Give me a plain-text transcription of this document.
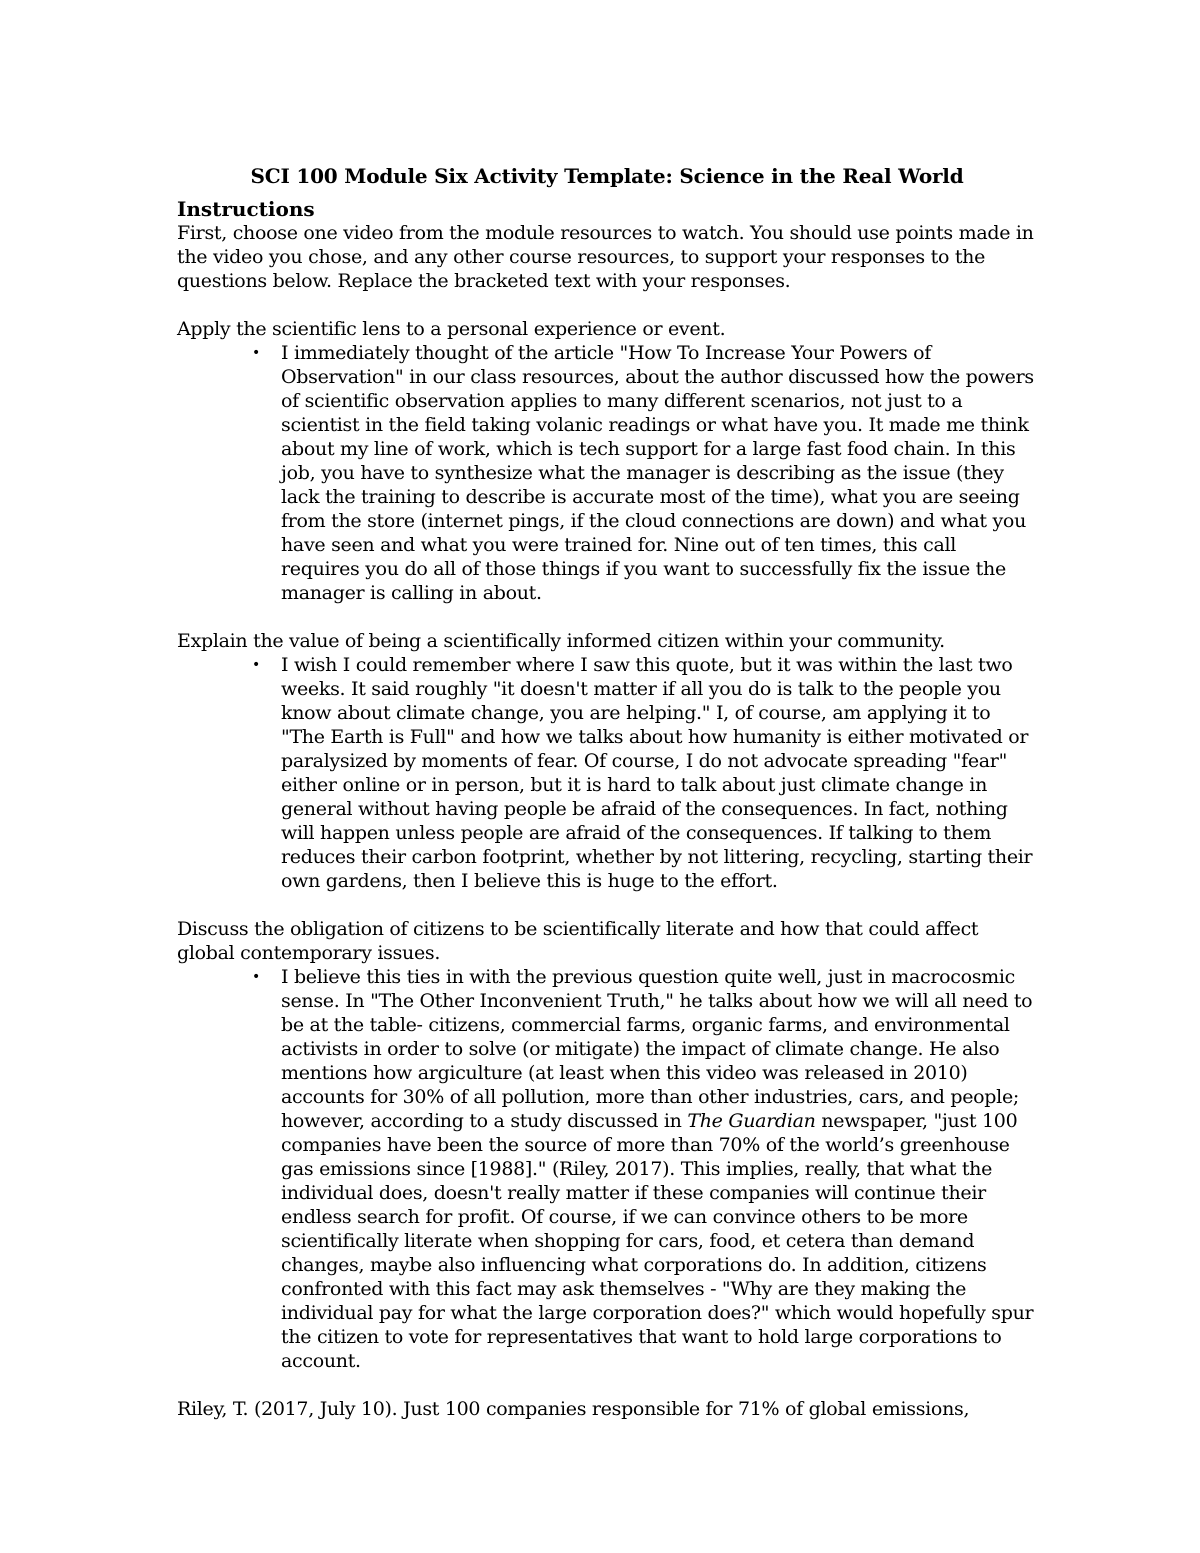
SCI 100 Module Six Activity Template: Science in the Real World
Instructions

First, choose one video from the module resources to watch. You should use points made in the video you chose, and any other course resources, to support your responses to the questions below. Replace the bracketed text with your responses.

Apply the scientific lens to a personal experience or event.

• I immediately thought of the article "How To Increase Your Powers of Observation" in our class resources, about the author discussed how the powers of scientific observation applies to many different scenarios, not just to a scientist in the field taking volanic readings or what have you. It made me think about my line of work, which is tech support for a large fast food chain. In this job, you have to synthesize what the manager is describing as the issue (they lack the training to describe is accurate most of the time), what you are seeing from the store (internet pings, if the cloud connections are down) and what you have seen and what you were trained for. Nine out of ten times, this call requires you do all of those things if you want to successfully fix the issue the manager is calling in about.

Explain the value of being a scientifically informed citizen within your community.

• I wish I could remember where I saw this quote, but it was within the last two weeks. It said roughly "it doesn't matter if all you do is talk to the people you know about climate change, you are helping." I, of course, am applying it to "The Earth is Full" and how we talks about how humanity is either motivated or paralysized by moments of fear. Of course, I do not advocate spreading "fear" either online or in person, but it is hard to talk about just climate change in general without having people be afraid of the consequences. In fact, nothing will happen unless people are afraid of the consequences. If talking to them reduces their carbon footprint, whether by not littering, recycling, starting their own gardens, then I believe this is huge to the effort.

Discuss the obligation of citizens to be scientifically literate and how that could affect global contemporary issues.

• I believe this ties in with the previous question quite well, just in macrocosmic sense. In "The Other Inconvenient Truth," he talks about how we will all need to be at the table- citizens, commercial farms, organic farms, and environmental activists in order to solve (or mitigate) the impact of climate change. He also mentions how argiculture (at least when this video was released in 2010) accounts for 30% of all pollution, more than other industries, cars, and people; however, according to a study discussed in The Guardian newspaper, "just 100 companies have been the source of more than 70% of the world’s greenhouse gas emissions since [1988]." (Riley, 2017). This implies, really, that what the individual does, doesn't really matter if these companies will continue their endless search for profit. Of course, if we can convince others to be more scientifically literate when shopping for cars, food, et cetera than demand changes, maybe also influencing what corporations do. In addition, citizens confronted with this fact may ask themselves - "Why are they making the individual pay for what the large corporation does?" which would hopefully spur the citizen to vote for representatives that want to hold large corporations to account.

Riley, T. (2017, July 10). Just 100 companies responsible for 71% of global emissions,
